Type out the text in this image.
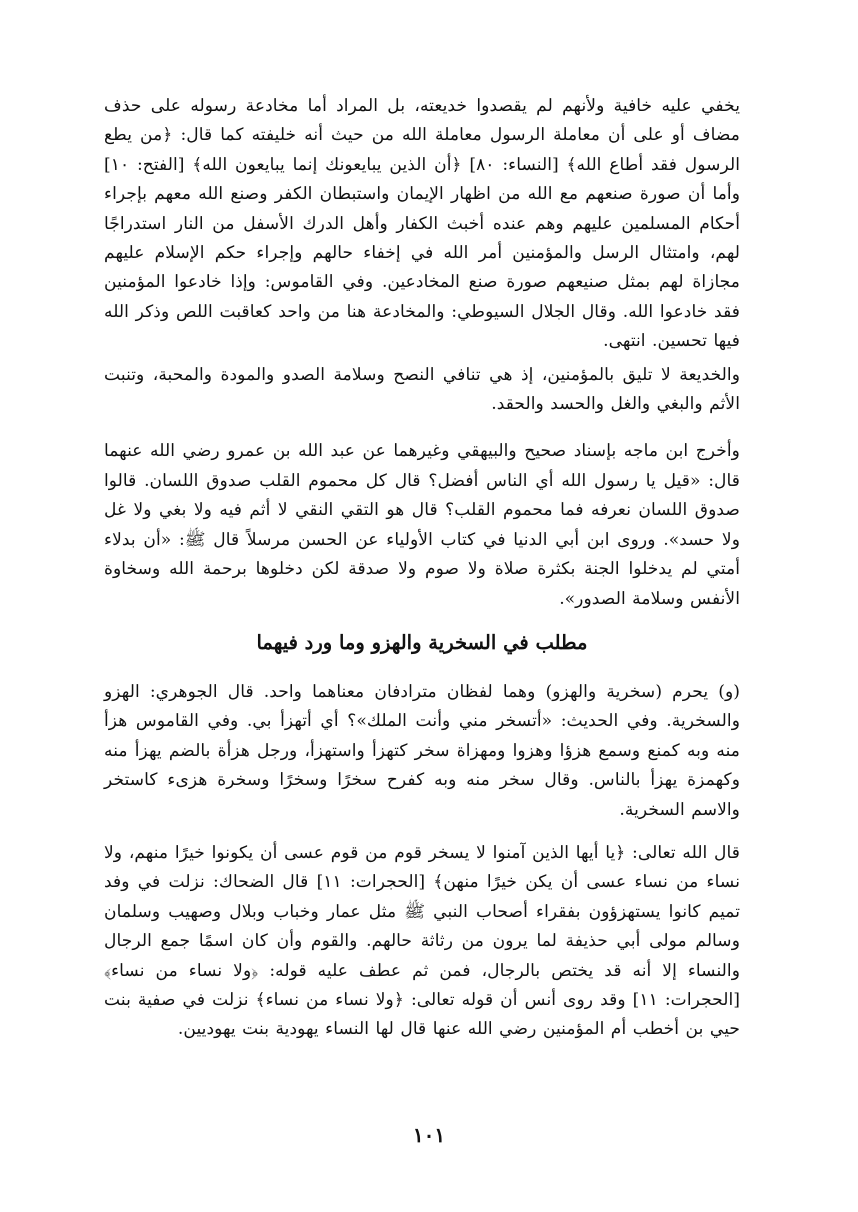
يخفي عليه خافية ولأنهم لم يقصدوا خديعته، بل المراد أما مخادعة رسوله على حذف مضاف أو على أن معاملة الرسول معاملة الله من حيث أنه خليفته كما قال: ﴿من يطع الرسول فقد أطاع الله﴾ [النساء: ٨٠] ﴿أن الذين يبايعونك إنما يبايعون الله﴾ [الفتح: ١٠] وأما أن صورة صنعهم مع الله من اظهار الإيمان واستبطان الكفر وصنع الله معهم بإجراء أحكام المسلمين عليهم وهم عنده أخبث الكفار وأهل الدرك الأسفل من النار استدراجًا لهم، وامتثال الرسل والمؤمنين أمر الله في إخفاء حالهم وإجراء حكم الإسلام عليهم مجازاة لهم بمثل صنيعهم صورة صنع المخادعين. وفي القاموس: وإذا خادعوا المؤمنين فقد خادعوا الله. وقال الجلال السيوطي: والمخادعة هنا من واحد كعاقبت اللص وذكر الله فيها تحسين. انتهى.

والخديعة لا تليق بالمؤمنين، إذ هي تنافي النصح وسلامة الصدو والمودة والمحبة، وتنبت الأثم والبغي والغل والحسد والحقد.

وأخرج ابن ماجه بإسناد صحيح والبيهقي وغيرهما عن عبد الله بن عمرو رضي الله عنهما قال: «قيل يا رسول الله أي الناس أفضل؟ قال كل محموم القلب صدوق اللسان. قالوا صدوق اللسان نعرفه فما محموم القلب؟ قال هو التقي النقي لا أثم فيه ولا بغي ولا غل ولا حسد». وروى ابن أبي الدنيا في كتاب الأولياء عن الحسن مرسلاً قال ﷺ: «أن بدلاء أمتي لم يدخلوا الجنة بكثرة صلاة ولا صوم ولا صدقة لكن دخلوها برحمة الله وسخاوة الأنفس وسلامة الصدور».

مطلب في السخرية والهزو وما ورد فيهما

(و) يحرم (سخرية والهزو) وهما لفظان مترادفان معناهما واحد. قال الجوهري: الهزو والسخرية. وفي الحديث: «أتسخر مني وأنت الملك»؟ أي أتهزأ بي. وفي القاموس هزأ منه وبه كمنع وسمع هزؤا وهزوا ومهزاة سخر كتهزأ واستهزأ، ورجل هزأة بالضم يهزأ منه وكهمزة يهزأ بالناس. وقال سخر منه وبه كفرح سخرًا وسخرًا وسخرة هزىء كاستخر والاسم السخرية.

قال الله تعالى: ﴿يا أيها الذين آمنوا لا يسخر قوم من قوم عسى أن يكونوا خيرًا منهم، ولا نساء من نساء عسى أن يكن خيرًا منهن﴾ [الحجرات: ١١] قال الضحاك: نزلت في وفد تميم كانوا يستهزؤون بفقراء أصحاب النبي ﷺ مثل عمار وخباب وبلال وصهيب وسلمان وسالم مولى أبي حذيفة لما يرون من رثاثة حالهم. والقوم وأن كان اسمًا جمع الرجال والنساء إلا أنه قد يختص بالرجال، فمن ثم عطف عليه قوله: ﴿ولا نساء من نساء﴾ [الحجرات: ١١] وقد روى أنس أن قوله تعالى: ﴿ولا نساء من نساء﴾ نزلت في صفية بنت حيي بن أخطب أم المؤمنين رضي الله عنها قال لها النساء يهودية بنت يهوديين.

١٠١
